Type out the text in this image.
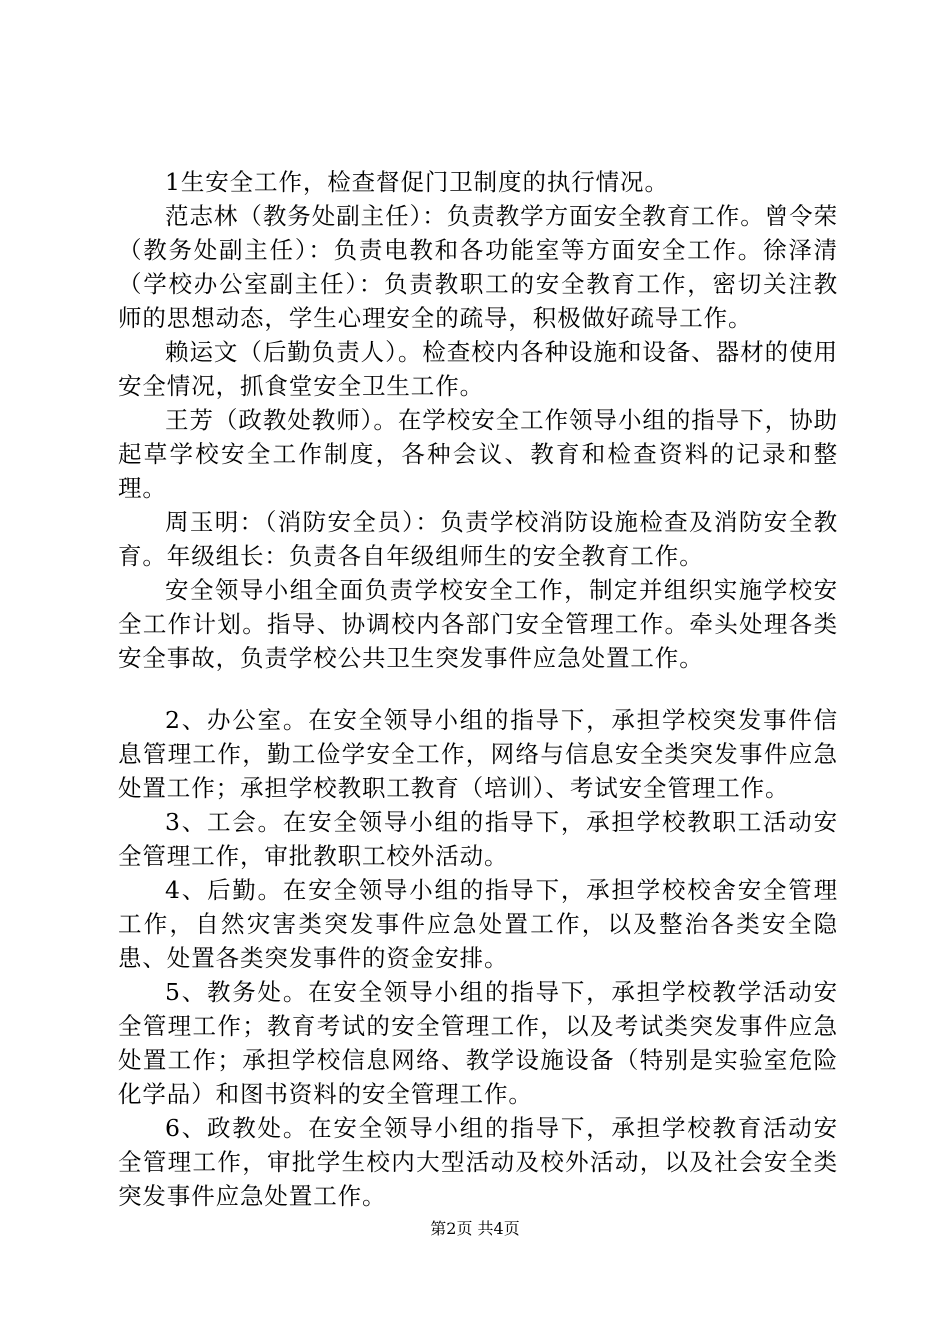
1生安全工作，检查督促门卫制度的执行情况。

范志林（教务处副主任）：负责教学方面安全教育工作。曾令荣（教务处副主任）：负责电教和各功能室等方面安全工作。徐泽清（学校办公室副主任）：负责教职工的安全教育工作，密切关注教师的思想动态，学生心理安全的疏导，积极做好疏导工作。

赖运文（后勤负责人）。检查校内各种设施和设备、器材的使用安全情况，抓食堂安全卫生工作。

王芳（政教处教师）。在学校安全工作领导小组的指导下，协助起草学校安全工作制度，各种会议、教育和检查资料的记录和整理。

周玉明：（消防安全员）：负责学校消防设施检查及消防安全教育。年级组长：负责各自年级组师生的安全教育工作。

安全领导小组全面负责学校安全工作，制定并组织实施学校安全工作计划。指导、协调校内各部门安全管理工作。牵头处理各类安全事故，负责学校公共卫生突发事件应急处置工作。

2、办公室。在安全领导小组的指导下，承担学校突发事件信息管理工作，勤工俭学安全工作，网络与信息安全类突发事件应急处置工作；承担学校教职工教育（培训）、考试安全管理工作。

3、工会。在安全领导小组的指导下，承担学校教职工活动安全管理工作，审批教职工校外活动。

4、后勤。在安全领导小组的指导下，承担学校校舍安全管理工作，自然灾害类突发事件应急处置工作，以及整治各类安全隐患、处置各类突发事件的资金安排。

5、教务处。在安全领导小组的指导下，承担学校教学活动安全管理工作；教育考试的安全管理工作，以及考试类突发事件应急处置工作；承担学校信息网络、教学设施设备（特别是实验室危险化学品）和图书资料的安全管理工作。

6、政教处。在安全领导小组的指导下，承担学校教育活动安全管理工作，审批学生校内大型活动及校外活动，以及社会安全类突发事件应急处置工作。

第2页 共4页
